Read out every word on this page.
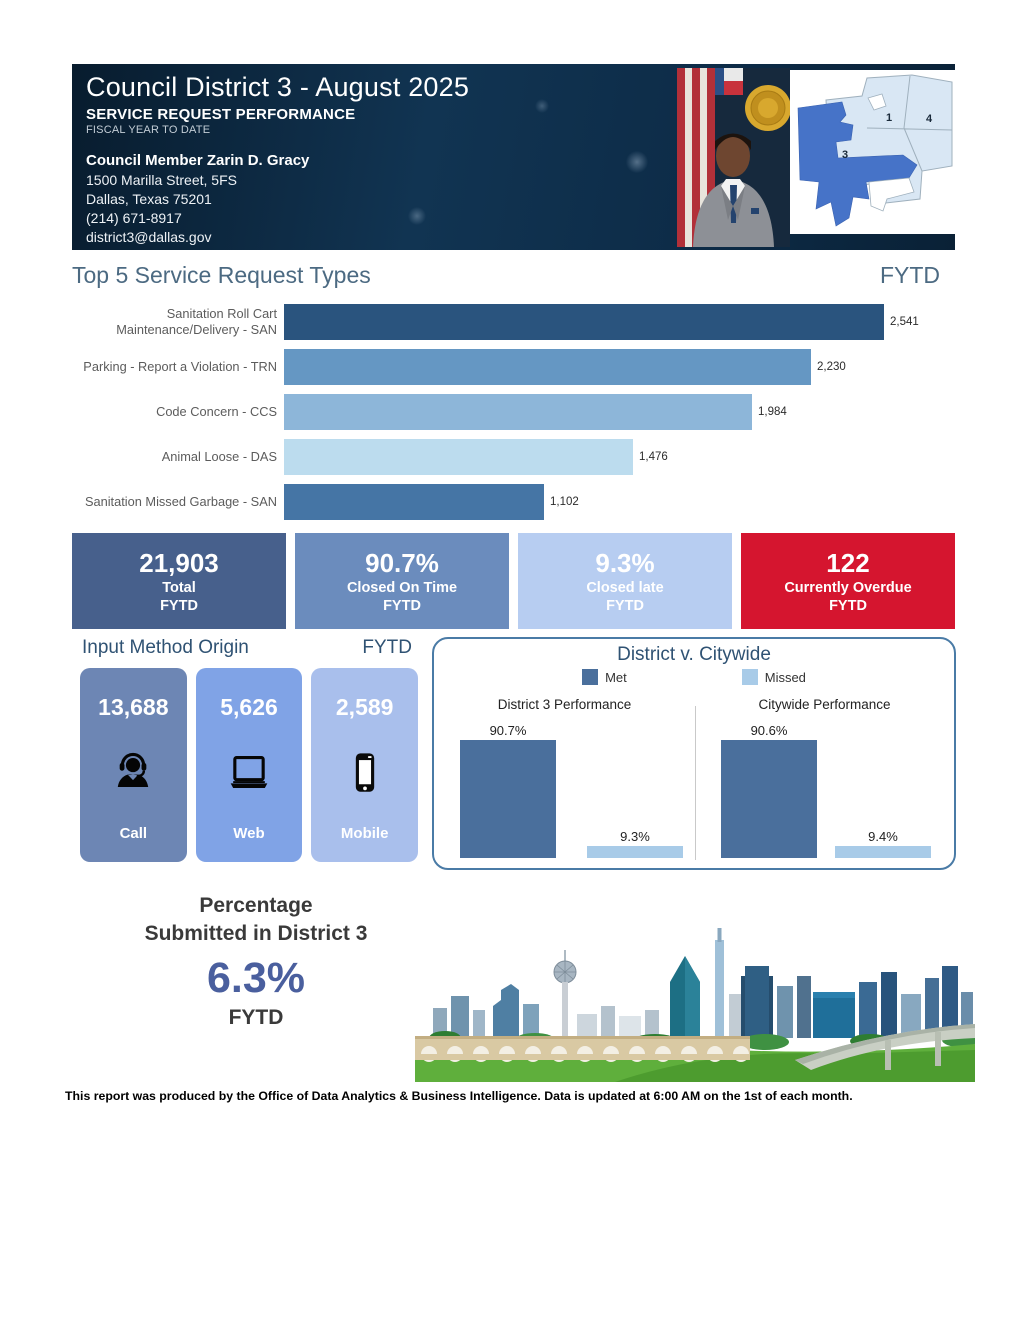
Council District 3 - August 2025
SERVICE REQUEST PERFORMANCE
FISCAL YEAR TO DATE
Council Member Zarin D. Gracy
1500 Marilla Street, 5FS
Dallas, Texas 75201
(214) 671-8917
district3@dallas.gov
1	4
3
Top 5 Service Request Types	FYTD
Sanitation Roll Cart Maintenance/Delivery - SAN	2,541
Parking - Report a Violation - TRN	2,230
Code Concern - CCS	1,984
Animal Loose - DAS	1,476
Sanitation Missed Garbage - SAN	1,102
21,903
Total
FYTD
90.7%
Closed On Time
FYTD
9.3%
Closed late
FYTD
122
Currently Overdue
FYTD
Input Method Origin	FYTD
13,688
Call
5,626
Web
2,589
Mobile
District v. Citywide
Met	Missed
District 3 Performance	Citywide Performance
90.7%
9.3%
90.6%
9.4%
Percentage
Submitted in District 3
6.3%
FYTD
This report was produced by the Office of Data Analytics & Business Intelligence. Data is updated at 6:00 AM on the 1st of each month.
